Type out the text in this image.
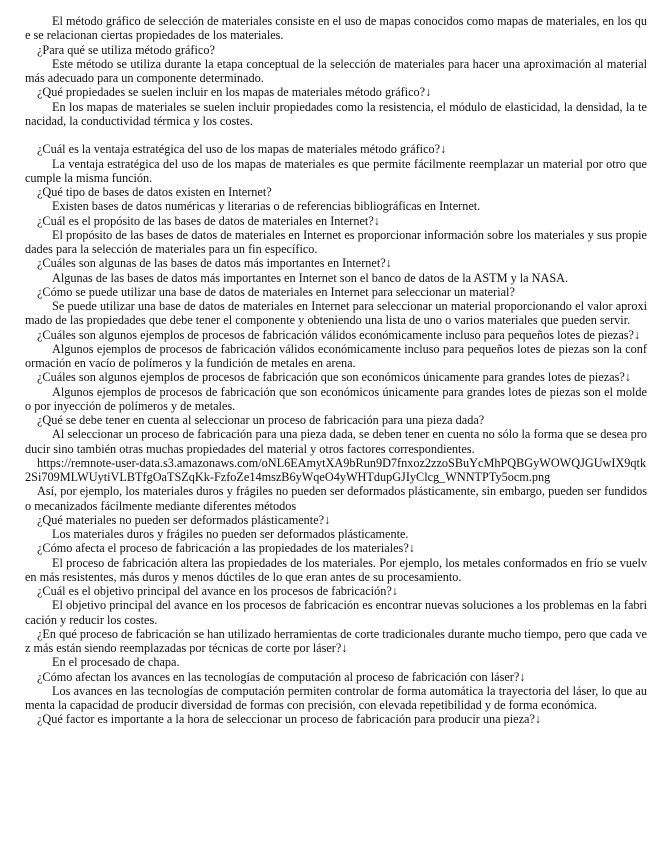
El método gráfico de selección de materiales consiste en el uso de mapas conocidos como mapas de materiales, en los que se relacionan ciertas propiedades de los materiales.

¿Para qué se utiliza método gráfico?

Este método se utiliza durante la etapa conceptual de la selección de materiales para hacer una aproximación al material más adecuado para un componente determinado.

¿Qué propiedades se suelen incluir en los mapas de materiales método gráfico?↓

En los mapas de materiales se suelen incluir propiedades como la resistencia, el módulo de elasticidad, la densidad, la tenacidad, la conductividad térmica y los costes.

¿Cuál es la ventaja estratégica del uso de los mapas de materiales método gráfico?↓

La ventaja estratégica del uso de los mapas de materiales es que permite fácilmente reemplazar un material por otro que cumple la misma función.

¿Qué tipo de bases de datos existen en Internet?

Existen bases de datos numéricas y literarias o de referencias bibliográficas en Internet.

¿Cuál es el propósito de las bases de datos de materiales en Internet?↓

El propósito de las bases de datos de materiales en Internet es proporcionar información sobre los materiales y sus propiedades para la selección de materiales para un fin específico.

¿Cuáles son algunas de las bases de datos más importantes en Internet?↓

Algunas de las bases de datos más importantes en Internet son el banco de datos de la ASTM y la NASA.

¿Cómo se puede utilizar una base de datos de materiales en Internet para seleccionar un material?

Se puede utilizar una base de datos de materiales en Internet para seleccionar un material proporcionando el valor aproximado de las propiedades que debe tener el componente y obteniendo una lista de uno o varios materiales que pueden servir.

¿Cuáles son algunos ejemplos de procesos de fabricación válidos económicamente incluso para pequeños lotes de piezas?↓

Algunos ejemplos de procesos de fabricación válidos económicamente incluso para pequeños lotes de piezas son la conformación en vacío de polímeros y la fundición de metales en arena.

¿Cuáles son algunos ejemplos de procesos de fabricación que son económicos únicamente para grandes lotes de piezas?↓

Algunos ejemplos de procesos de fabricación que son económicos únicamente para grandes lotes de piezas son el moldeo por inyección de polímeros y de metales.

¿Qué se debe tener en cuenta al seleccionar un proceso de fabricación para una pieza dada?

Al seleccionar un proceso de fabricación para una pieza dada, se deben tener en cuenta no sólo la forma que se desea producir sino también otras muchas propiedades del material y otros factores correspondientes.

https://remnote-user-data.s3.amazonaws.com/oNL6EAmytXA9bRun9D7fnxoz2zzoSBuYcMhPQBGyWOWQJGUwIX9qtk2Si709MLWUytiVLBTfgOaTSZqKk-FzfoZe14mszB6yWqeO4yWHTdupGJIyClcg_WNNTPTy5ocm.png

Así, por ejemplo, los materiales duros y frágiles no pueden ser deformados plásticamente, sin embargo, pueden ser fundidos o mecanizados fácilmente mediante diferentes métodos

¿Qué materiales no pueden ser deformados plásticamente?↓

Los materiales duros y frágiles no pueden ser deformados plásticamente.

¿Cómo afecta el proceso de fabricación a las propiedades de los materiales?↓

El proceso de fabricación altera las propiedades de los materiales. Por ejemplo, los metales conformados en frío se vuelven más resistentes, más duros y menos dúctiles de lo que eran antes de su procesamiento.

¿Cuál es el objetivo principal del avance en los procesos de fabricación?↓

El objetivo principal del avance en los procesos de fabricación es encontrar nuevas soluciones a los problemas en la fabricación y reducir los costes.

¿En qué proceso de fabricación se han utilizado herramientas de corte tradicionales durante mucho tiempo, pero que cada vez más están siendo reemplazadas por técnicas de corte por láser?↓

En el procesado de chapa.

¿Cómo afectan los avances en las tecnologías de computación al proceso de fabricación con láser?↓

Los avances en las tecnologías de computación permiten controlar de forma automática la trayectoria del láser, lo que aumenta la capacidad de producir diversidad de formas con precisión, con elevada repetibilidad y de forma económica.

¿Qué factor es importante a la hora de seleccionar un proceso de fabricación para producir una pieza?↓
